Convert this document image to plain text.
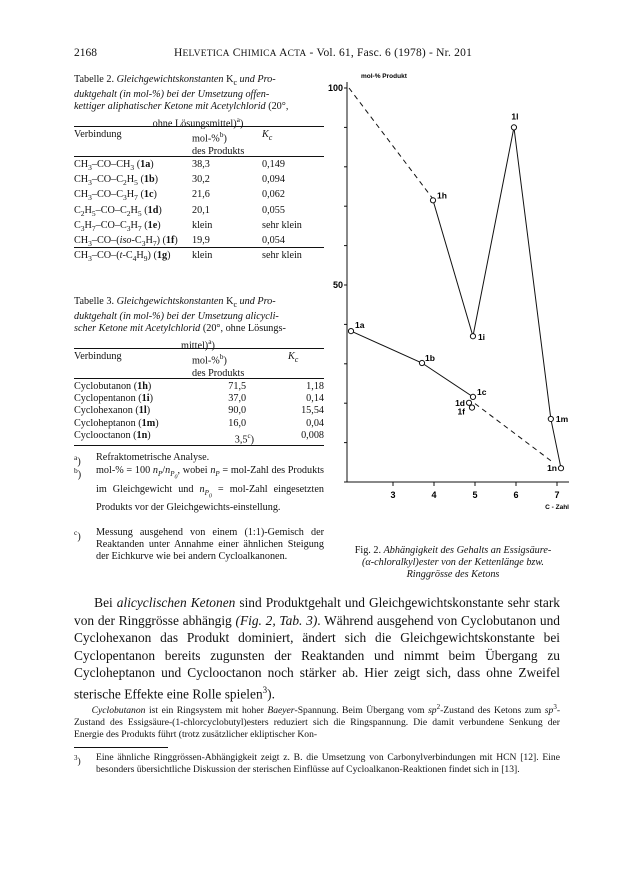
2168	HELVETICA CHIMICA ACTA - Vol. 61, Fasc. 6 (1978) - Nr. 201
Tabelle 2. Gleichgewichtskonstanten $K_c$ und Pro-
duktgehalt (in mol-%) bei der Umsetzung offen-
kettiger aliphatischer Ketone mit Acetylchlorid (20°,
ohne Lösungsmittel)$^a$)
Verbindung	mol-%$^b$)
des Produkts
$K_c$
$CH_3-CO-CH_3$ (1a)	38,3	0,149
$CH_3-CO-C_2H_5$ (1b)	30,2	0,094
$CH_3-CO-C_3H_7$ (1c)	21,6	0,062
$C_2H_5-CO-C_2H_5$ (1d)	20,1	0,055
$C_3H_7-CO-C_3H_7$ (1e)	klein	sehr klein
$CH_3-CO-(iso-C_3H_7)$ (1f)	19,9	0,054
$CH_3-CO-(t-C_4H_9)$ (1g)	klein	sehr klein
Tabelle 3. Gleichgewichtskonstanten $K_c$ und Pro-
duktgehalt (in mol-%) bei der Umsetzung alicycli-
scher Ketone mit Acetylchlorid (20°, ohne Lösungs-
mittel)$^a$)
Verbindung	mol-%$^b$)
des Produkts
$K_c$
Cyclobutanon (1h)	71,5	1,18
Cyclopentanon (1i)	37,0	0,14
Cyclohexanon (1l)	90,0	15,54
Cycloheptanon (1m)	16,0	0,04
Cyclooctanon (1n)	3,5$^c$)	0,008
$^a$) Refraktometrische Analyse.
$^b$) mol-% = 100 $n_P/n_{P_0}$, wobei $n_P$ = mol-Zahl des Produkts im Gleichgewicht und $n_{P_0}$ = mol-Zahl eingesetzten Produkts vor der Gleichgewichts-einstellung.
$^c$) Messung ausgehend von einem (1:1)-Gemisch der Reaktanden unter Annahme einer ähnlichen Steigung der Eichkurve wie bei andern Cycloalkanonen.
100
50
3	4	5	6	7
mol-% Produkt
C - Zahl
1h
1i
1l
1m
1n
1a
1b
1c
1d
1f
Fig. 2. Abhängigkeit des Gehalts an Essigsäure-
(α-chloralkyl)ester von der Kettenlänge bzw.
Ringgrösse des Ketons
Bei alicyclischen Ketonen sind Produktgehalt und Gleichgewichtskonstante sehr stark von der Ringgrösse abhängig (Fig. 2, Tab. 3). Während ausgehend von Cyclobutanon und Cyclohexanon das Produkt dominiert, ändert sich die Gleichgewichtskonstante bei Cyclopentanon bereits zugunsten der Reaktanden und nimmt beim Übergang zu Cycloheptanon und Cyclooctanon noch stärker ab. Hier zeigt sich, dass ohne Zweifel sterische Effekte eine Rolle spielen$^3$).
Cyclobutanon ist ein Ringsystem mit hoher Baeyer-Spannung. Beim Übergang vom $sp^2$-Zustand des Ketons zum $sp^3$-Zustand des Essigsäure-(1-chlorcyclobutyl)esters reduziert sich die Ringspannung. Die damit verbundene Senkung der Energie des Produkts führt (trotz zusätzlicher ekliptischer Kon-
$^3$) Eine ähnliche Ringgrössen-Abhängigkeit zeigt z. B. die Umsetzung von Carbonylverbindungen mit HCN [12]. Eine besonders übersichtliche Diskussion der sterischen Einflüsse auf Cycloalkanon-Reaktionen findet sich in [13].
